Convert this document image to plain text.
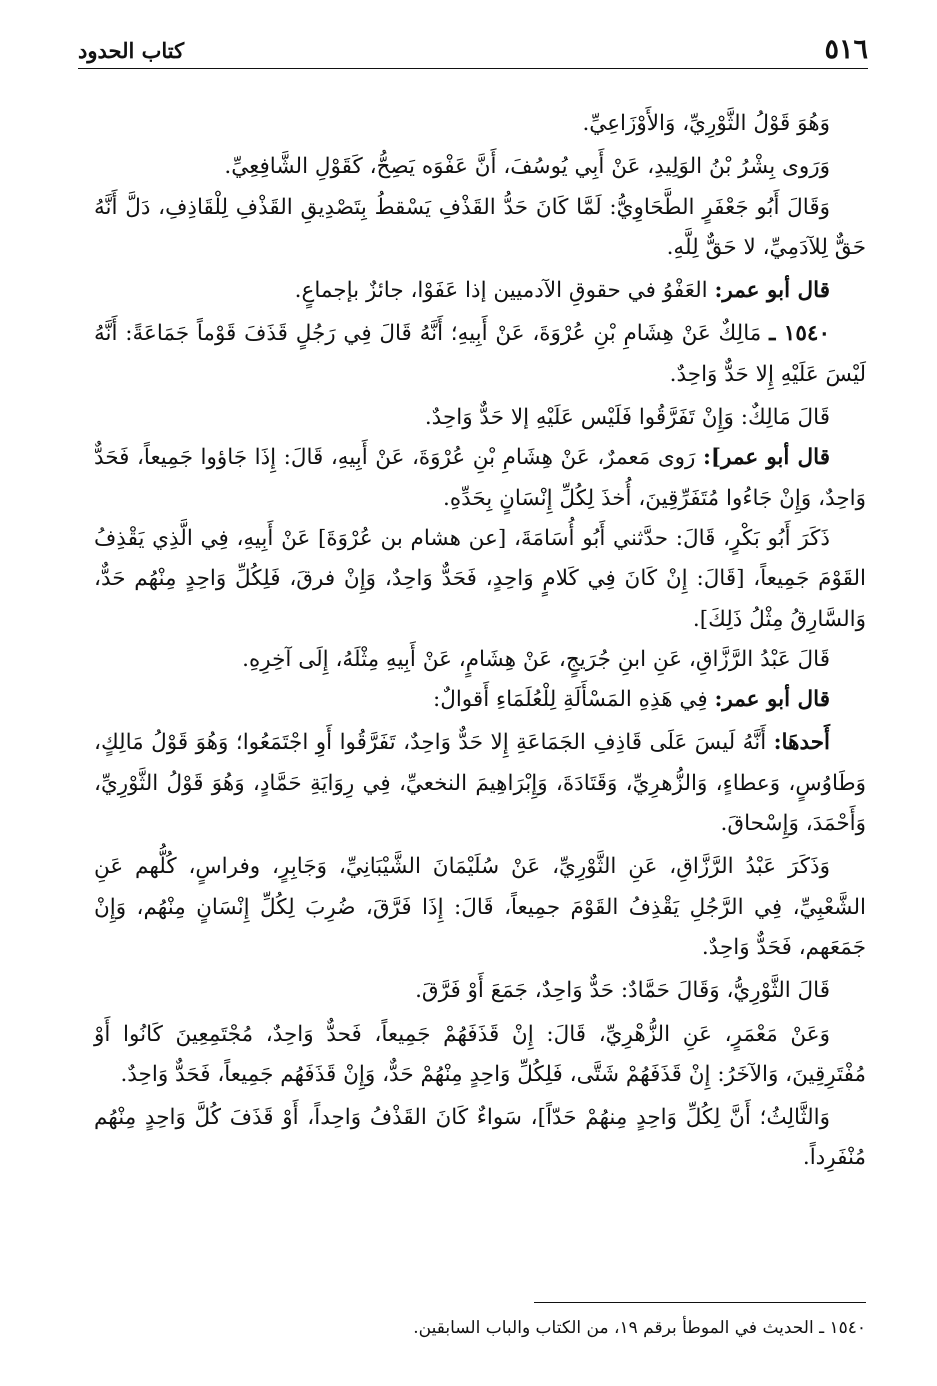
٥١٦
كتاب الحدود

وَهُوَ قَوْلُ الثَّوْرِيِّ، وَالأَوْزَاعِيِّ.

وَرَوى بِشْرُ بْنُ الوَلِيدِ، عَنْ أَبِي يُوسُفَ، أَنَّ عَفْوَه يَصِحُّ، كَقَوْلِ الشَّافِعِيِّ.

وَقَالَ أَبُو جَعْفَرٍ الطَّحَاوِيُّ: لَمَّا كَانَ حَدُّ القَذْفِ يَسْقطُ بِتَصْدِيقِ القَذْفِ لِلْقَاذِفِ، دَلَّ أَنَّهُ حَقٌّ لِلآدَمِيِّ، لا حَقٌّ لِلَّهِ.

قال أبو عمر: العَفْوُ في حقوقِ الآدميين إذا عَفَوْا، جائزٌ بإجماعٍ.

١٥٤٠ ـ مَالِكٌ عَنْ هِشَامِ بْنِ عُرْوَةَ، عَنْ أَبِيهِ؛ أَنَّهُ قَالَ فِي رَجُلٍ قَذَفَ قَوْماً جَمَاعَةً: أَنَّهُ لَيْسَ عَلَيْهِ إِلا حَدٌّ وَاحِدٌ.

قَالَ مَالِكٌ: وَإِنْ تَفَرَّقُوا فَلَيْس عَلَيْهِ إلا حَدٌّ وَاحِدٌ.

قال أبو عمر]: رَوى مَعمرٌ، عَنْ هِشَامِ بْنِ عُرْوَةَ، عَنْ أَبِيهِ، قَالَ: إِذَا جَاؤوا جَمِيعاً، فَحَدٌّ وَاحِدٌ، وَإِنْ جَاءُوا مُتَفَرِّقِينَ، أُخذَ لِكُلِّ إِنْسَانٍ بِحَدِّهِ.

ذَكَرَ أَبُو بَكْرٍ، قَالَ: حدَّثني أَبُو أُسَامَةَ، [عن هشام بن عُرْوَةَ] عَنْ أَبِيهِ، فِي الَّذِي يَقْذِفُ القَوْمَ جَمِيعاً، [قَالَ: إِنْ كَانَ فِي كَلامٍ وَاحِدٍ، فَحَدٌّ وَاحِدٌ، وَإِنْ فرقَ، فَلِكُلِّ وَاحِدٍ مِنْهُم حَدٌّ، وَالسَّارِقُ مِثْلُ ذَلِكَ].

قَالَ عَبْدُ الرَّزَّاقِ، عَنِ ابنِ جُرَيجٍ، عَنْ هِشَامٍ، عَنْ أَبِيهِ مِثْلَهُ، إِلَى آخِرِهِ.

قال أبو عمر: فِي هَذِهِ المَسْأَلَةِ لِلْعُلَمَاءِ أَقوالٌ:

أَحدهَا: أَنَّهُ لَيسَ عَلَى قَاذِفِ الجَمَاعَةِ إِلا حَدٌّ وَاحِدٌ، تَفَرَّقُوا أَوِ اجْتَمَعُوا؛ وَهُوَ قَوْلُ مَالِكٍ، وَطَاوُسٍ، وَعطاءٍ، وَالزُّهرِيِّ، وَقَتَادَةَ، وَإِبْرَاهِيمَ النخعيِّ، فِي رِوَايَةِ حَمَّادٍ، وَهُوَ قَوْلُ الثَّوْرِيِّ، وَأَحْمَدَ، وَإِسْحاقَ.

وَذَكَرَ عَبْدُ الرَّزَّاقِ، عَنِ الثَّوْرِيِّ، عَنْ سُلَيْمَانَ الشَّيْبَانِيِّ، وَجَابِرٍ، وفراسٍ، كُلُّهم عَنِ الشَّعْبِيِّ، فِي الرَّجُلِ يَقْذِفُ القَوْمَ جمِيعاً، قَالَ: إِذَا فَرَّقَ، ضُرِبَ لِكُلِّ إِنْسَانٍ مِنْهُم، وَإِنْ جَمَعَهم، فَحَدٌّ وَاحِدٌ.

قَالَ الثَّوْرِيُّ، وَقَالَ حَمَّادٌ: حَدٌّ وَاحِدٌ، جَمَعَ أَوْ فَرَّقَ.

وَعَنْ مَعْمَرٍ، عَنِ الزُّهْرِيِّ، قَالَ: إِنْ قَذَفَهُمْ جَمِيعاً، فَحدٌّ وَاحِدٌ، مُجْتَمِعِينَ كَانُوا أَوْ مُفْتَرِقِينَ، وَالآخَرُ: إِنْ قَذَفَهُمْ شَتَّى، فَلِكُلِّ وَاحِدٍ مِنْهُمْ حَدٌّ، وَإِنْ قَذَفَهُم جَمِيعاً، فَحَدٌّ وَاحِدٌ.

وَالثَّالِثُ؛ أَنَّ لِكُلِّ وَاحِدٍ مِنهُمْ حَدّاً]، سَواءٌ كَانَ القَذْفُ وَاحِداً، أَوْ قَذَفَ كُلَّ وَاحِدٍ مِنْهُم مُنْفَرِداً.

١٥٤٠ ـ الحديث في الموطأ برقم ١٩، من الكتاب والباب السابقين.
